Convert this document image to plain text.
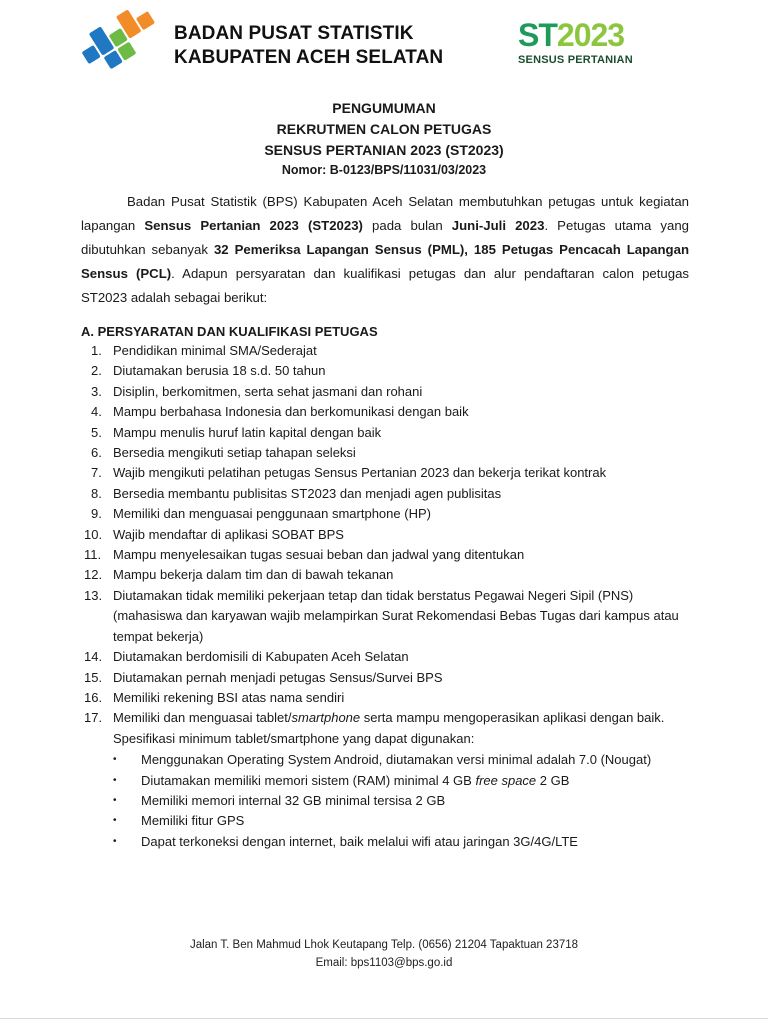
BADAN PUSAT STATISTIK
KABUPATEN ACEH SELATAN
ST2023
SENSUS PERTANIAN
PENGUMUMAN
REKRUTMEN CALON PETUGAS
SENSUS PERTANIAN 2023 (ST2023)
Nomor: B-0123/BPS/11031/03/2023

Badan Pusat Statistik (BPS) Kabupaten Aceh Selatan membutuhkan petugas untuk kegiatan lapangan Sensus Pertanian 2023 (ST2023) pada bulan Juni-Juli 2023. Petugas utama yang dibutuhkan sebanyak 32 Pemeriksa Lapangan Sensus (PML), 185 Petugas Pencacah Lapangan Sensus (PCL). Adapun persyaratan dan kualifikasi petugas dan alur pendaftaran calon petugas ST2023 adalah sebagai berikut:

A. PERSYARATAN DAN KUALIFIKASI PETUGAS
1. Pendidikan minimal SMA/Sederajat
2. Diutamakan berusia 18 s.d. 50 tahun
3. Disiplin, berkomitmen, serta sehat jasmani dan rohani
4. Mampu berbahasa Indonesia dan berkomunikasi dengan baik
5. Mampu menulis huruf latin kapital dengan baik
6. Bersedia mengikuti setiap tahapan seleksi
7. Wajib mengikuti pelatihan petugas Sensus Pertanian 2023 dan bekerja terikat kontrak
8. Bersedia membantu publisitas ST2023 dan menjadi agen publisitas
9. Memiliki dan menguasai penggunaan smartphone (HP)
10. Wajib mendaftar di aplikasi SOBAT BPS
11. Mampu menyelesaikan tugas sesuai beban dan jadwal yang ditentukan
12. Mampu bekerja dalam tim dan di bawah tekanan
13. Diutamakan tidak memiliki pekerjaan tetap dan tidak berstatus Pegawai Negeri Sipil (PNS) (mahasiswa dan karyawan wajib melampirkan Surat Rekomendasi Bebas Tugas dari kampus atau tempat bekerja)
14. Diutamakan berdomisili di Kabupaten Aceh Selatan
15. Diutamakan pernah menjadi petugas Sensus/Survei BPS
16. Memiliki rekening BSI atas nama sendiri
17. Memiliki dan menguasai tablet/smartphone serta mampu mengoperasikan aplikasi dengan baik. Spesifikasi minimum tablet/smartphone yang dapat digunakan:
• Menggunakan Operating System Android, diutamakan versi minimal adalah 7.0 (Nougat)
• Diutamakan memiliki memori sistem (RAM) minimal 4 GB free space 2 GB
• Memiliki memori internal 32 GB minimal tersisa 2 GB
• Memiliki fitur GPS
• Dapat terkoneksi dengan internet, baik melalui wifi atau jaringan 3G/4G/LTE
Jalan T. Ben Mahmud Lhok Keutapang Telp. (0656) 21204 Tapaktuan 23718
Email: bps1103@bps.go.id
